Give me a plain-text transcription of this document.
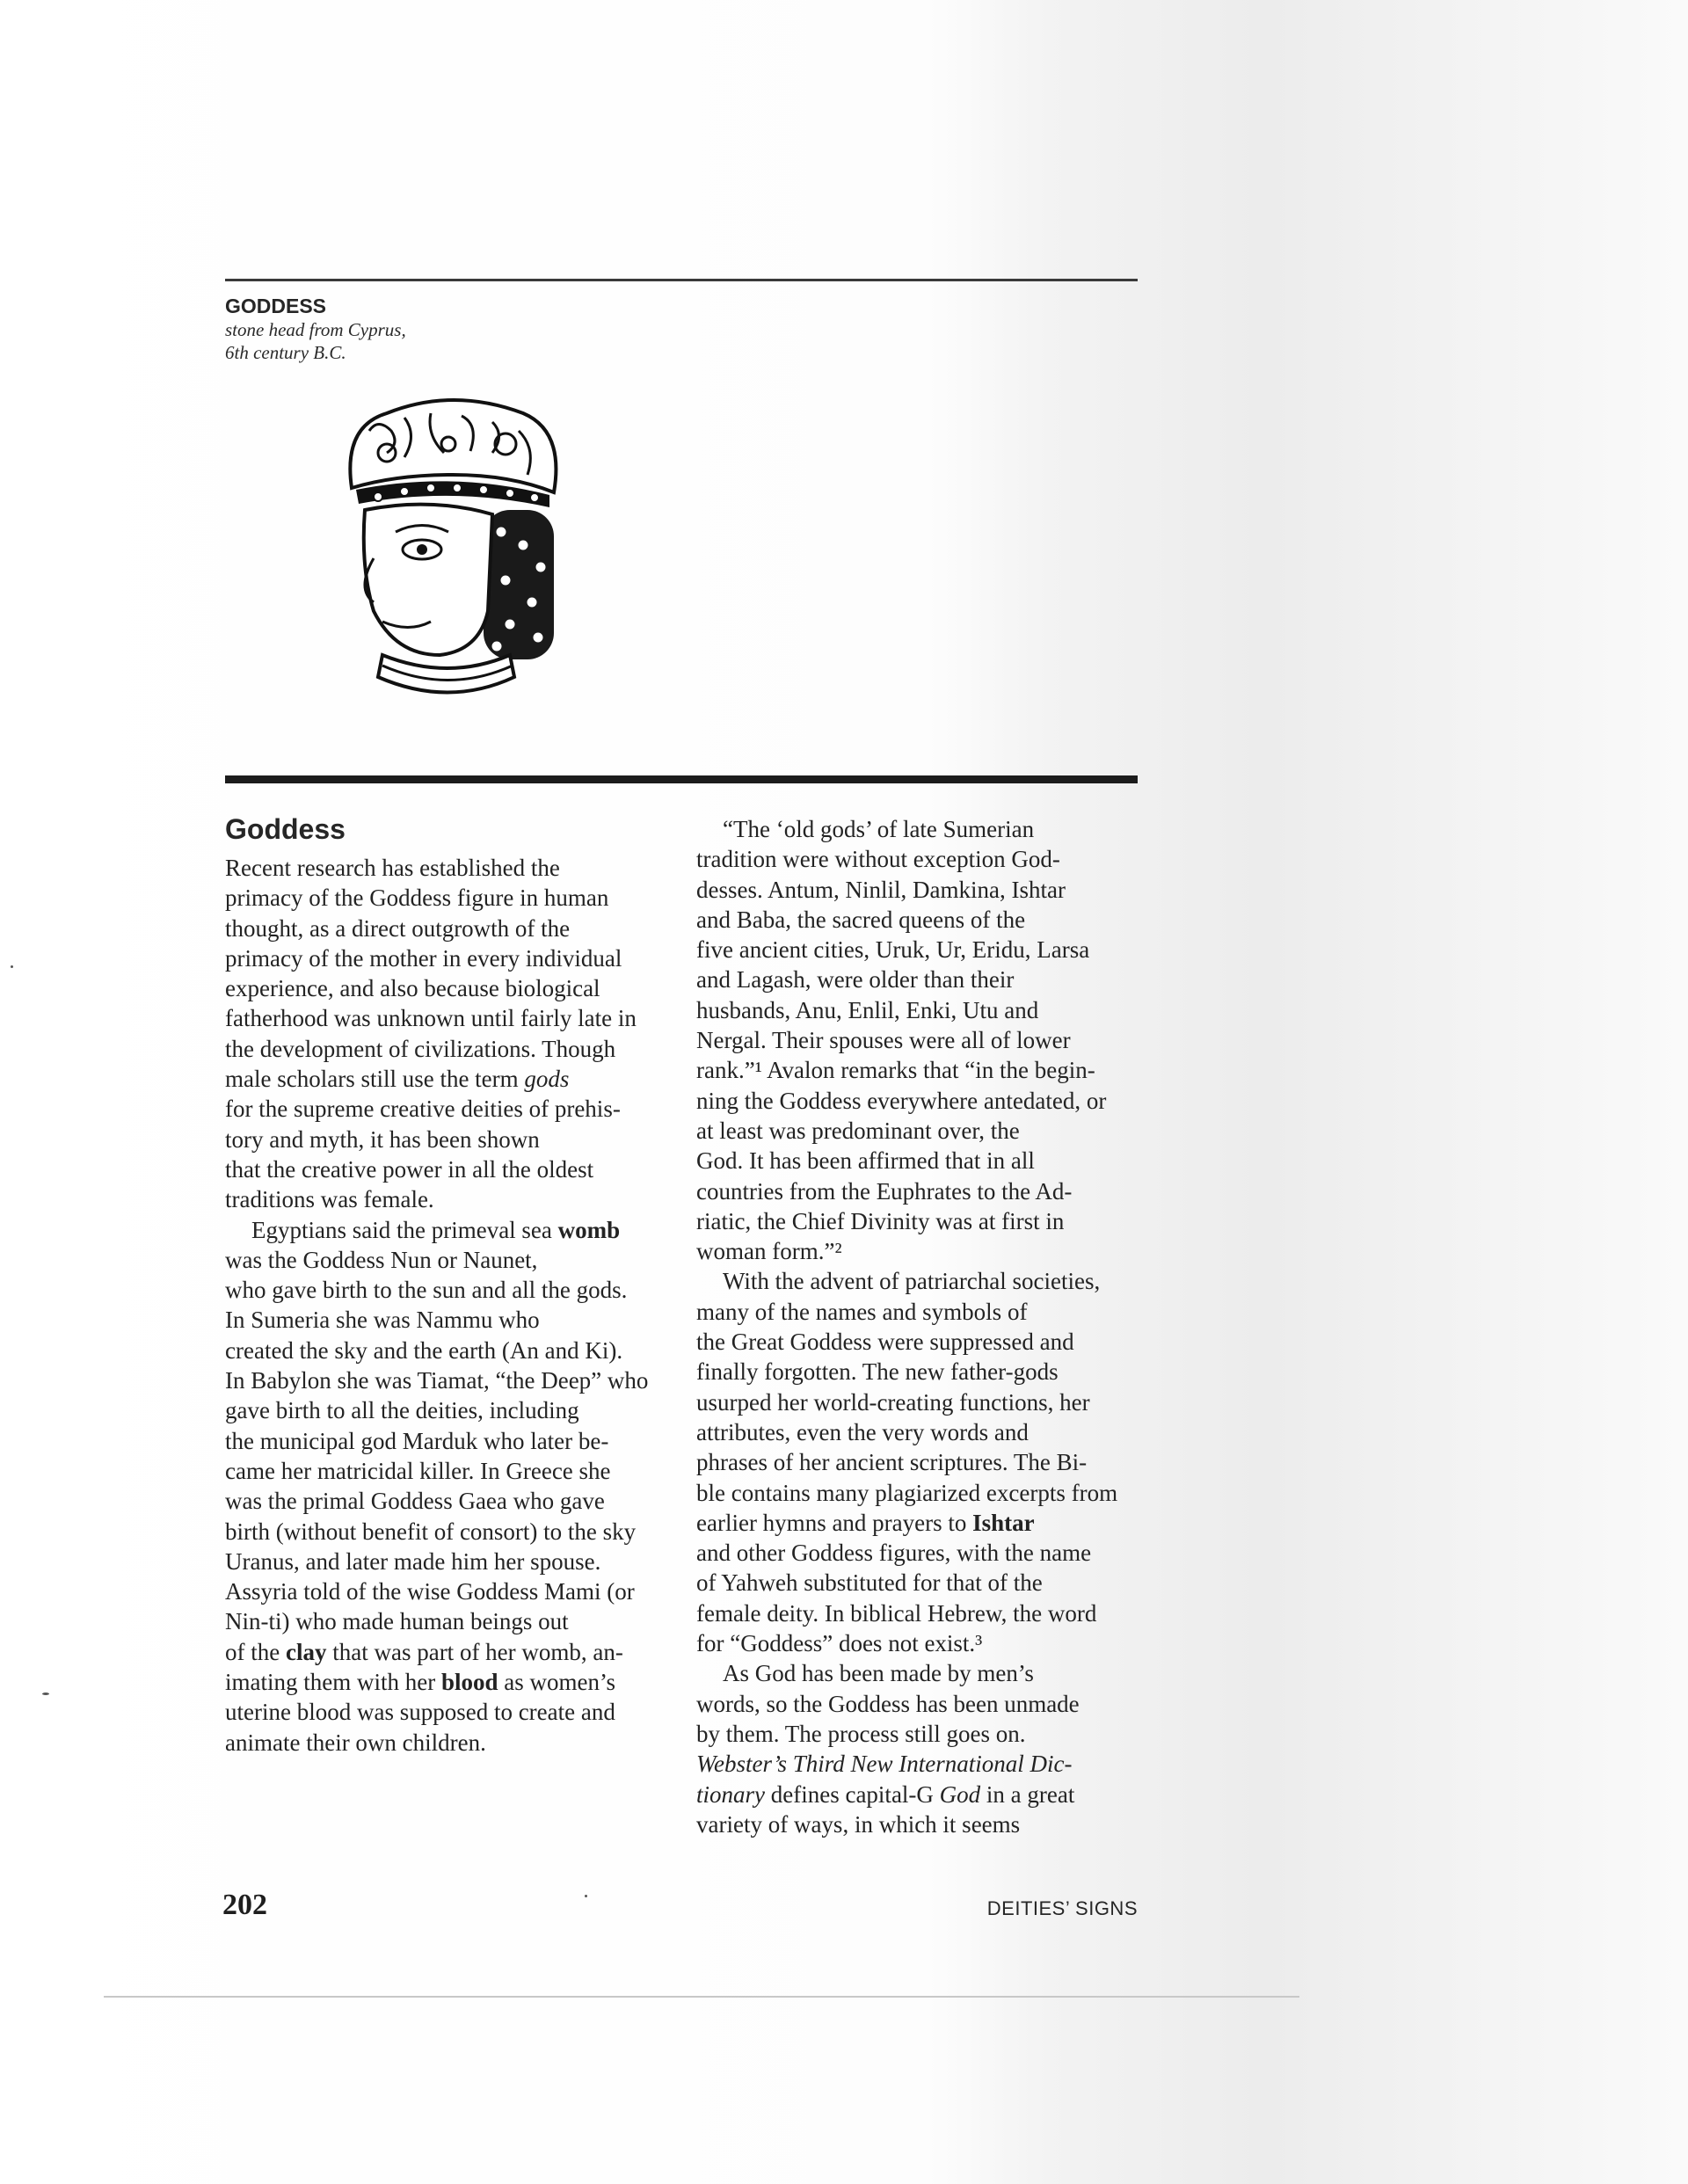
GODDESS
stone head from Cyprus,
6th century B.C.

Goddess
Recent research has established the
primacy of the Goddess figure in human
thought, as a direct outgrowth of the
primacy of the mother in every individual
experience, and also because biological
fatherhood was unknown until fairly late in
the development of civilizations. Though
male scholars still use the term gods
for the supreme creative deities of prehis-
tory and myth, it has been shown
that the creative power in all the oldest
traditions was female.
Egyptians said the primeval sea womb
was the Goddess Nun or Naunet,
who gave birth to the sun and all the gods.
In Sumeria she was Nammu who
created the sky and the earth (An and Ki).
In Babylon she was Tiamat, “the Deep” who
gave birth to all the deities, including
the municipal god Marduk who later be-
came her matricidal killer. In Greece she
was the primal Goddess Gaea who gave
birth (without benefit of consort) to the sky
Uranus, and later made him her spouse.
Assyria told of the wise Goddess Mami (or
Nin-ti) who made human beings out
of the clay that was part of her womb, an-
imating them with her blood as women’s
uterine blood was supposed to create and
animate their own children.
“The ‘old gods’ of late Sumerian
tradition were without exception God-
desses. Antum, Ninlil, Damkina, Ishtar
and Baba, the sacred queens of the
five ancient cities, Uruk, Ur, Eridu, Larsa
and Lagash, were older than their
husbands, Anu, Enlil, Enki, Utu and
Nergal. Their spouses were all of lower
rank.”¹ Avalon remarks that “in the begin-
ning the Goddess everywhere antedated, or
at least was predominant over, the
God. It has been affirmed that in all
countries from the Euphrates to the Ad-
riatic, the Chief Divinity was at first in
woman form.”²
With the advent of patriarchal societies,
many of the names and symbols of
the Great Goddess were suppressed and
finally forgotten. The new father-gods
usurped her world-creating functions, her
attributes, even the very words and
phrases of her ancient scriptures. The Bi-
ble contains many plagiarized excerpts from
earlier hymns and prayers to Ishtar
and other Goddess figures, with the name
of Yahweh substituted for that of the
female deity. In biblical Hebrew, the word
for “Goddess” does not exist.³
As God has been made by men’s
words, so the Goddess has been unmade
by them. The process still goes on.
Webster’s Third New International Dic-
tionary defines capital-G God in a great
variety of ways, in which it seems
202	DEITIES’ SIGNS
